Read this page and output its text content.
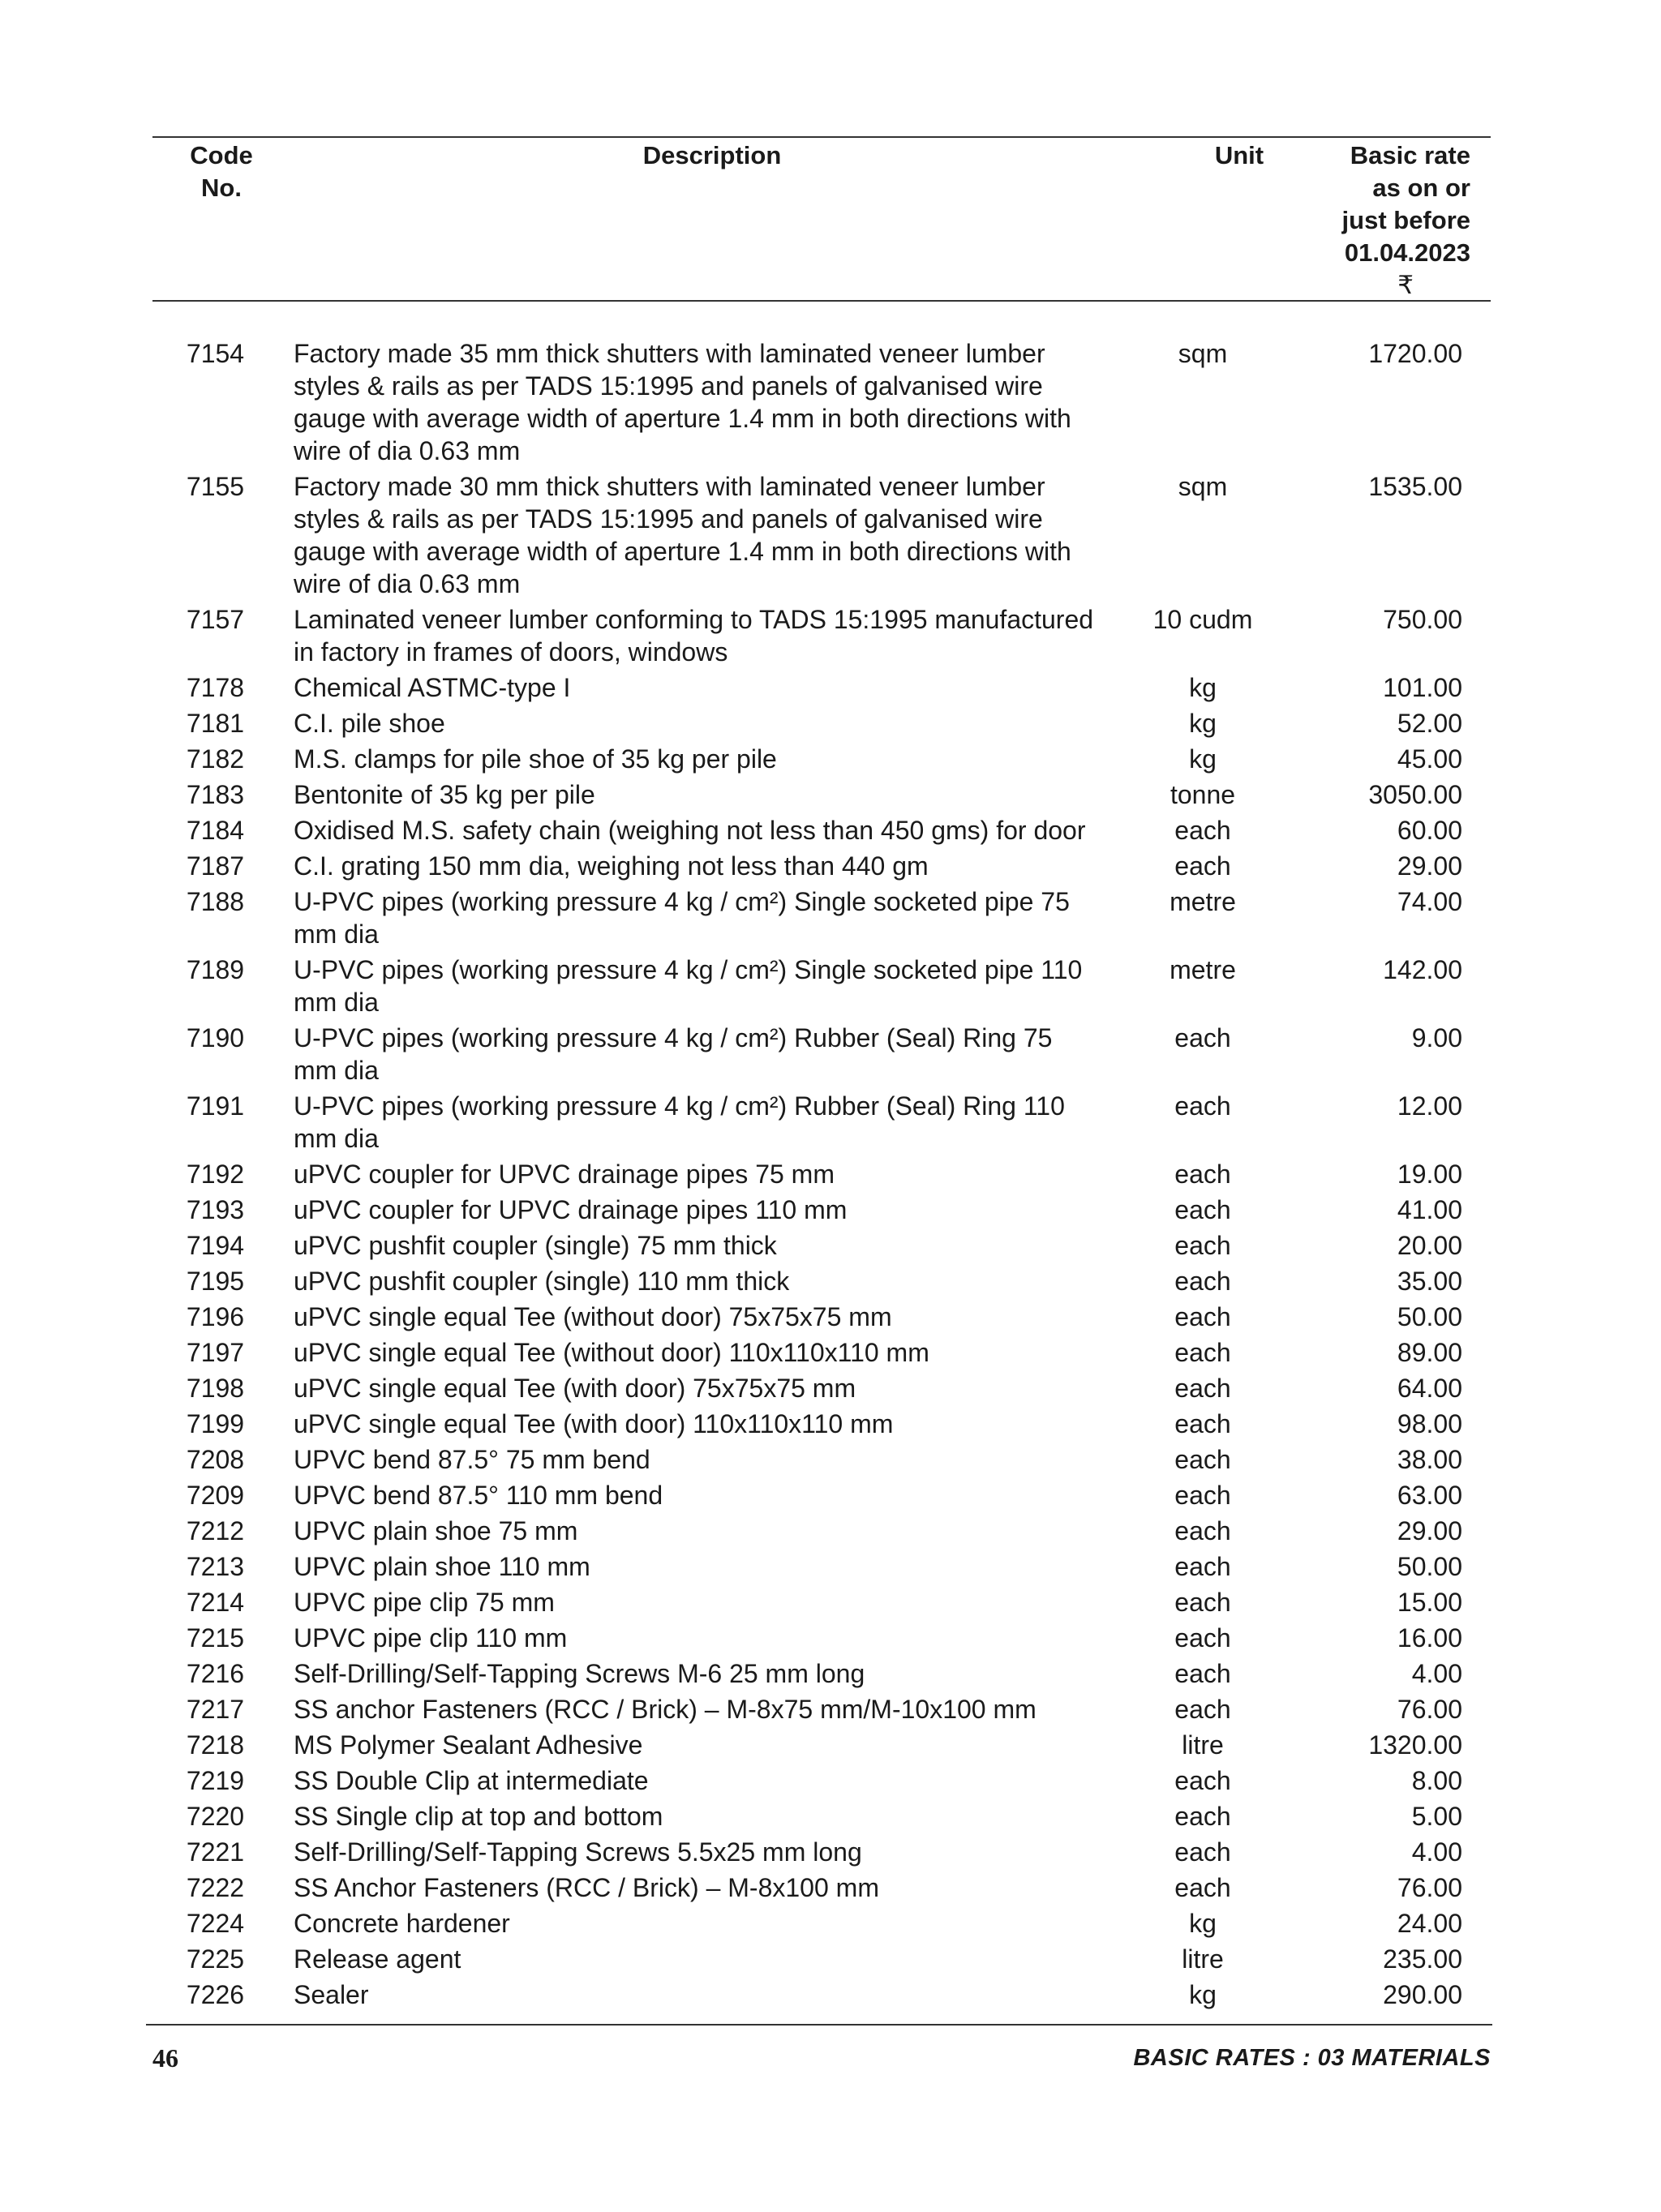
Code
No.
Description	Unit	Basic rate
as on or
just before
01.04.2023
₹
7154	Factory made 35 mm thick shutters with laminated veneer lumber
styles & rails as per TADS 15:1995 and panels of galvanised wire
gauge with average width of aperture 1.4 mm in both directions with
wire of dia 0.63 mm
sqm	1720.00
7155	Factory made 30 mm thick shutters with laminated veneer lumber
styles & rails as per TADS 15:1995 and panels of galvanised wire
gauge with average width of aperture 1.4 mm in both directions with
wire of dia 0.63 mm
sqm	1535.00
7157	Laminated veneer lumber conforming to TADS 15:1995 manufactured
in factory in frames of doors, windows
10 cudm	750.00
7178	Chemical ASTMC-type I	kg	101.00
7181	C.I. pile shoe	kg	52.00
7182	M.S. clamps for pile shoe of 35 kg per pile	kg	45.00
7183	Bentonite of 35 kg per pile	tonne	3050.00
7184	Oxidised M.S. safety chain (weighing not less than 450 gms) for door	each	60.00
7187	C.I. grating 150 mm dia, weighing not less than 440 gm	each	29.00
7188	U-PVC pipes (working pressure 4 kg / cm²) Single socketed pipe 75
mm dia
metre	74.00
7189	U-PVC pipes (working pressure 4 kg / cm²) Single socketed pipe 110
mm dia
metre	142.00
7190	U-PVC pipes (working pressure 4 kg / cm²) Rubber (Seal) Ring 75
mm dia
each	9.00
7191	U-PVC pipes (working pressure 4 kg / cm²) Rubber (Seal) Ring 110
mm dia
each	12.00
7192	uPVC coupler for UPVC drainage pipes 75 mm	each	19.00
7193	uPVC coupler for UPVC drainage pipes 110 mm	each	41.00
7194	uPVC pushfit coupler (single) 75 mm thick	each	20.00
7195	uPVC pushfit coupler (single) 110 mm thick	each	35.00
7196	uPVC single equal Tee (without door) 75x75x75 mm	each	50.00
7197	uPVC single equal Tee (without door) 110x110x110 mm	each	89.00
7198	uPVC single equal Tee (with door) 75x75x75 mm	each	64.00
7199	uPVC single equal Tee (with door) 110x110x110 mm	each	98.00
7208	UPVC bend 87.5° 75 mm bend	each	38.00
7209	UPVC bend 87.5° 110 mm bend	each	63.00
7212	UPVC plain shoe 75 mm	each	29.00
7213	UPVC plain shoe 110 mm	each	50.00
7214	UPVC pipe clip 75 mm	each	15.00
7215	UPVC pipe clip 110 mm	each	16.00
7216	Self-Drilling/Self-Tapping Screws M-6 25 mm long	each	4.00
7217	SS anchor Fasteners (RCC / Brick) – M-8x75 mm/M-10x100 mm	each	76.00
7218	MS Polymer Sealant Adhesive	litre	1320.00
7219	SS Double Clip at intermediate	each	8.00
7220	SS Single clip at top and bottom	each	5.00
7221	Self-Drilling/Self-Tapping Screws 5.5x25 mm long	each	4.00
7222	SS Anchor Fasteners (RCC / Brick) – M-8x100 mm	each	76.00
7224	Concrete hardener	kg	24.00
7225	Release agent	litre	235.00
7226	Sealer	kg	290.00
46	BASIC RATES : 03 MATERIALS
